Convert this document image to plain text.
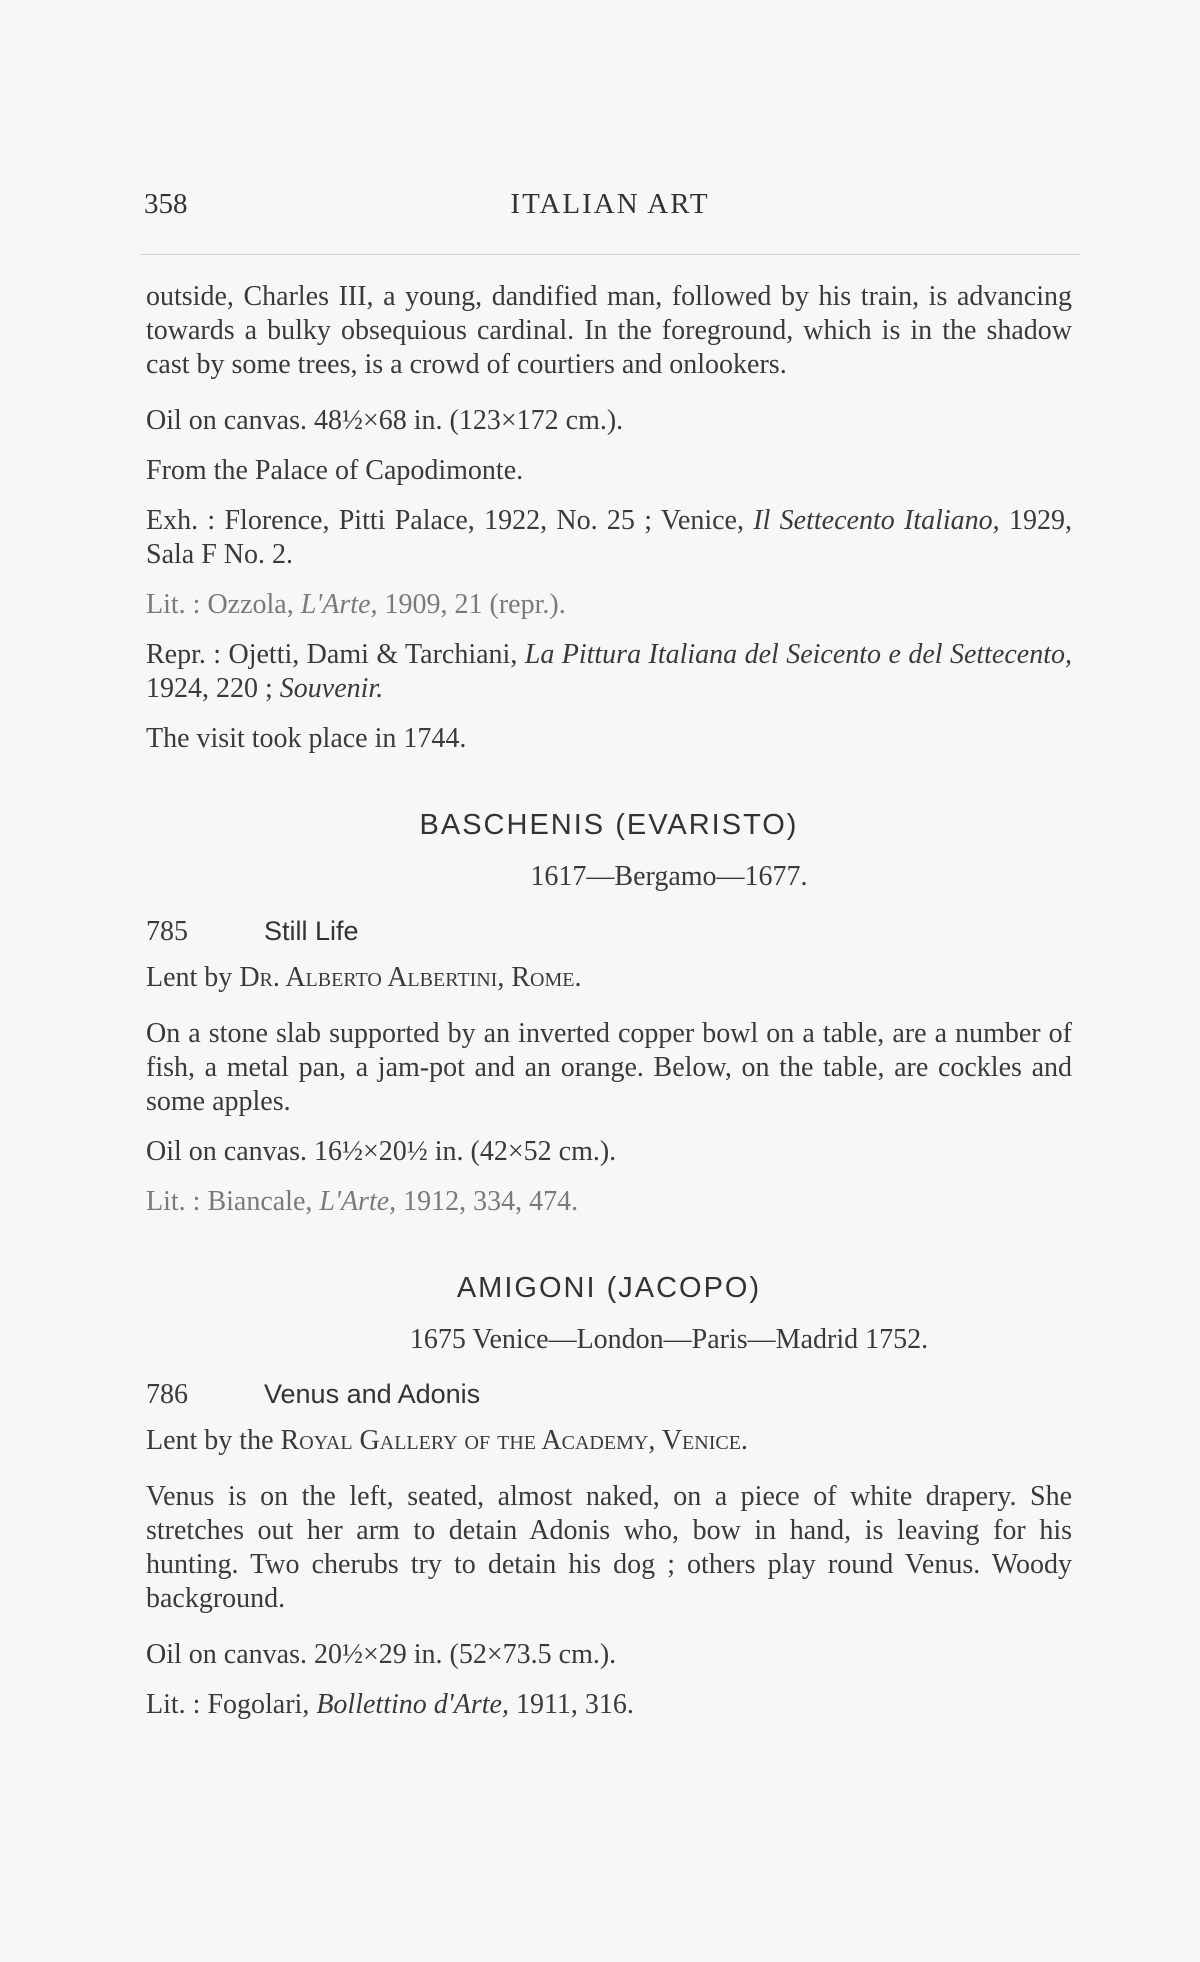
358	ITALIAN ART

outside, Charles III, a young, dandified man, followed by his train, is advancing towards a bulky obsequious cardinal. In the foreground, which is in the shadow cast by some trees, is a crowd of courtiers and onlookers.

Oil on canvas. 48½×68 in. (123×172 cm.).

From the Palace of Capodimonte.

Exh. : Florence, Pitti Palace, 1922, No. 25 ; Venice, Il Settecento Italiano, 1929, Sala F No. 2.

Lit. : Ozzola, L'Arte, 1909, 21 (repr.).

Repr. : Ojetti, Dami & Tarchiani, La Pittura Italiana del Seicento e del Settecento, 1924, 220 ; Souvenir.

The visit took place in 1744.

BASCHENIS (EVARISTO)
1617—Bergamo—1677.
785	Still Life

Lent by Dr. Alberto Albertini, Rome.

On a stone slab supported by an inverted copper bowl on a table, are a number of fish, a metal pan, a jam-pot and an orange. Below, on the table, are cockles and some apples.

Oil on canvas. 16½×20½ in. (42×52 cm.).

Lit. : Biancale, L'Arte, 1912, 334, 474.

AMIGONI (JACOPO)
1675 Venice—London—Paris—Madrid 1752.
786	Venus and Adonis

Lent by the Royal Gallery of the Academy, Venice.

Venus is on the left, seated, almost naked, on a piece of white drapery. She stretches out her arm to detain Adonis who, bow in hand, is leaving for his hunting. Two cherubs try to detain his dog ; others play round Venus. Woody background.

Oil on canvas. 20½×29 in. (52×73.5 cm.).

Lit. : Fogolari, Bollettino d'Arte, 1911, 316.
